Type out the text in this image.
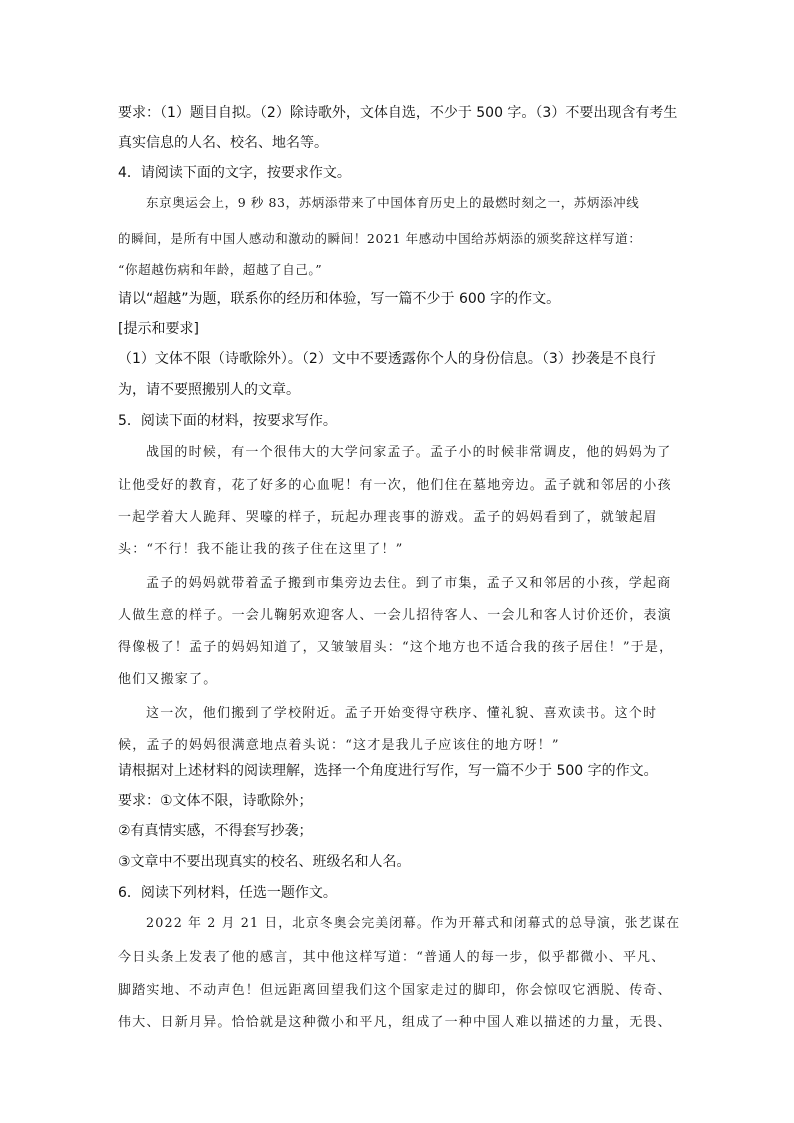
要求：（1）题目自拟。（2）除诗歌外，文体自选，不少于 500 字。（3）不要出现含有考生
真实信息的人名、校名、地名等。
4．请阅读下面的文字，按要求作文。
东京奥运会上，9 秒 83，苏炳添带来了中国体育历史上的最燃时刻之一，苏炳添冲线
的瞬间，是所有中国人感动和激动的瞬间！2021 年感动中国给苏炳添的颁奖辞这样写道：
“你超越伤病和年龄，超越了自己。”
请以“超越”为题，联系你的经历和体验，写一篇不少于 600 字的作文。
[提示和要求]
（1）文体不限（诗歌除外）。（2）文中不要透露你个人的身份信息。（3）抄袭是不良行
为，请不要照搬别人的文章。
5．阅读下面的材料，按要求写作。
战国的时候，有一个很伟大的大学问家孟子。孟子小的时候非常调皮，他的妈妈为了
让他受好的教育，花了好多的心血呢！有一次，他们住在墓地旁边。孟子就和邻居的小孩
一起学着大人跪拜、哭嚎的样子，玩起办理丧事的游戏。孟子的妈妈看到了，就皱起眉
头：“不行！我不能让我的孩子住在这里了！”
孟子的妈妈就带着孟子搬到市集旁边去住。到了市集，孟子又和邻居的小孩，学起商
人做生意的样子。一会儿鞠躬欢迎客人、一会儿招待客人、一会儿和客人讨价还价，表演
得像极了！孟子的妈妈知道了，又皱皱眉头：“这个地方也不适合我的孩子居住！”于是，
他们又搬家了。
这一次，他们搬到了学校附近。孟子开始变得守秩序、懂礼貌、喜欢读书。这个时
候，孟子的妈妈很满意地点着头说：“这才是我儿子应该住的地方呀！”
请根据对上述材料的阅读理解，选择一个角度进行写作，写一篇不少于 500 字的作文。
要求：①文体不限，诗歌除外；
②有真情实感，不得套写抄袭；
③文章中不要出现真实的校名、班级名和人名。
6．阅读下列材料，任选一题作文。
2022 年 2 月 21 日，北京冬奥会完美闭幕。作为开幕式和闭幕式的总导演，张艺谋在
今日头条上发表了他的感言，其中他这样写道：“普通人的每一步，似乎都微小、平凡、
脚踏实地、不动声色！但远距离回望我们这个国家走过的脚印，你会惊叹它洒脱、传奇、
伟大、日新月异。恰恰就是这种微小和平凡，组成了一种中国人难以描述的力量，无畏、
